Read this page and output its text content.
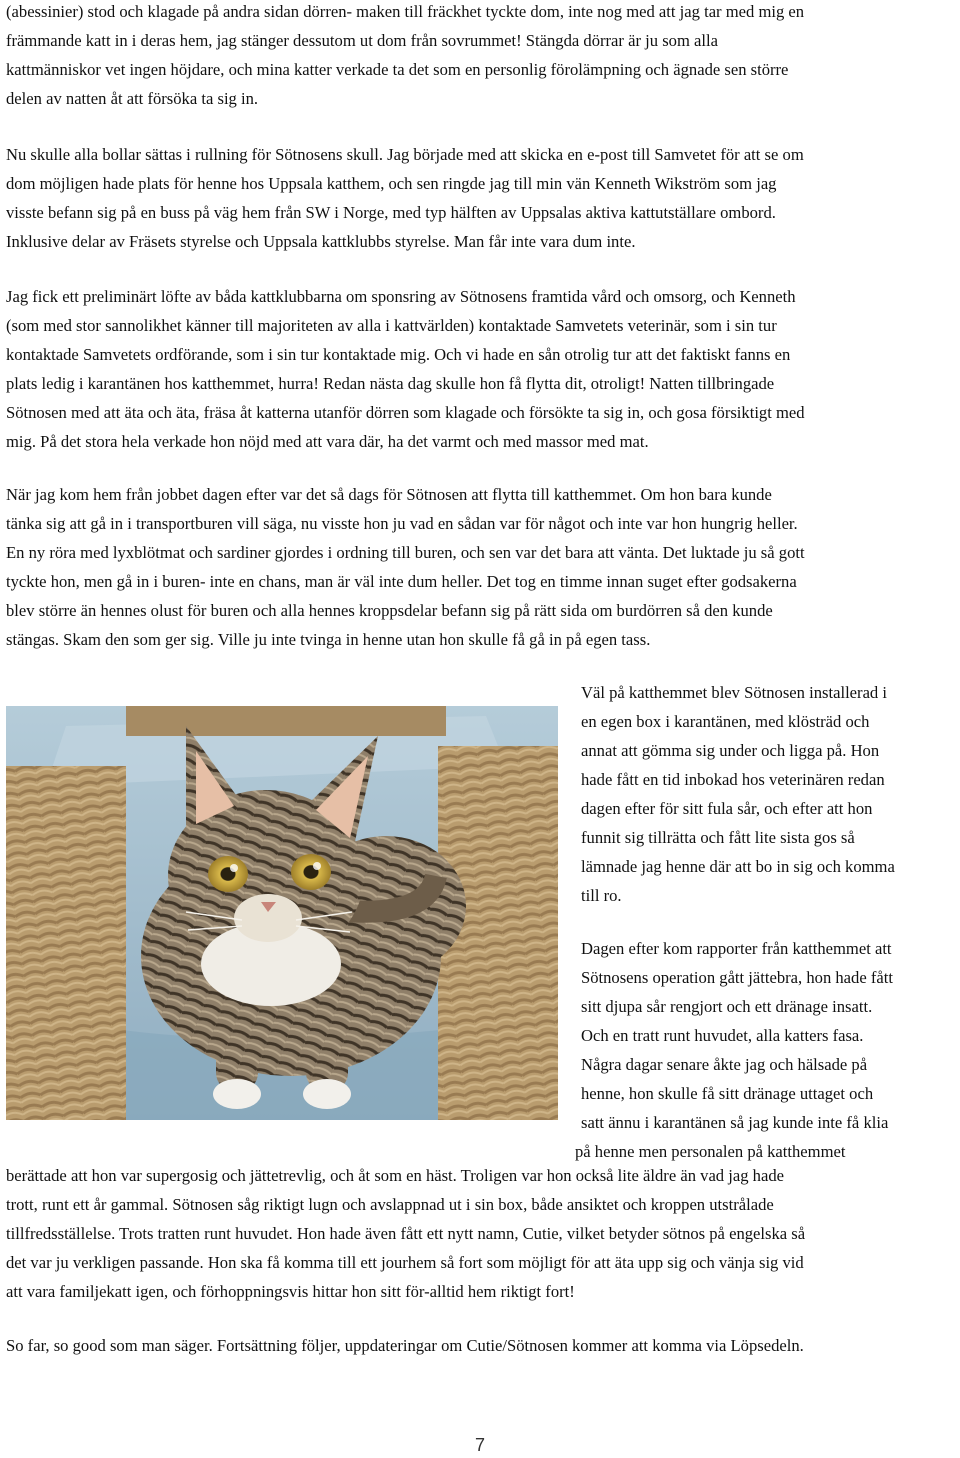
(abessinier) stod och klagade på andra sidan dörren- maken till fräckhet tyckte dom, inte nog med att jag tar med mig en
främmande katt in i deras hem, jag stänger dessutom ut dom från sovrummet! Stängda dörrar är ju som alla
kattmänniskor vet ingen höjdare, och mina katter verkade ta det som en personlig förolämpning och ägnade sen större
delen av natten åt att försöka ta sig in.
Nu skulle alla bollar sättas i rullning för Sötnosens skull. Jag började med att skicka en e-post till Samvetet för att se om
dom möjligen hade plats för henne hos Uppsala katthem, och sen ringde jag till min vän Kenneth Wikström som jag
visste befann sig på en buss på väg hem från SW i Norge, med typ hälften av Uppsalas aktiva kattutställare ombord.
Inklusive delar av Fräsets styrelse och Uppsala kattklubbs styrelse. Man får inte vara dum inte.
Jag fick ett preliminärt löfte av båda kattklubbarna om sponsring av Sötnosens framtida vård och omsorg, och Kenneth
(som med stor sannolikhet känner till majoriteten av alla i kattvärlden) kontaktade Samvetets veterinär, som i sin tur
kontaktade Samvetets ordförande, som i sin tur kontaktade mig. Och vi hade en sån otrolig tur att det faktiskt fanns en
plats ledig i karantänen hos katthemmet, hurra! Redan nästa dag skulle hon få flytta dit, otroligt! Natten tillbringade
Sötnosen med att äta och äta, fräsa åt katterna utanför dörren som klagade och försökte ta sig in, och gosa försiktigt med
mig. På det stora hela verkade hon nöjd med att vara där, ha det varmt och med massor med mat.
När jag kom hem från jobbet dagen efter var det så dags för Sötnosen att flytta till katthemmet. Om hon bara kunde
tänka sig att gå in i transportburen vill säga, nu visste hon ju vad en sådan var för något och inte var hon hungrig heller.
En ny röra med lyxblötmat och sardiner gjordes i ordning till buren, och sen var det bara att vänta. Det luktade ju så gott
tyckte hon, men gå in i buren- inte en chans, man är väl inte dum heller. Det tog en timme innan suget efter godsakerna
blev större än hennes olust för buren och alla hennes kroppsdelar befann sig på rätt sida om burdörren så den kunde
stängas. Skam den som ger sig. Ville ju inte tvinga in henne utan hon skulle få gå in på egen tass.
Väl på katthemmet blev Sötnosen installerad i
en egen box i karantänen, med klösträd och
annat att gömma sig under och ligga på. Hon
hade fått en tid inbokad hos veterinären redan
dagen efter för sitt fula sår, och efter att hon
funnit sig tillrätta och fått lite sista gos så
lämnade jag henne där att bo in sig och komma
till ro.
Dagen efter kom rapporter från katthemmet att
Sötnosens operation gått jättebra, hon hade fått
sitt djupa sår rengjort och ett dränage insatt.
Och en tratt runt huvudet, alla katters fasa.
Några dagar senare åkte jag och hälsade på
henne, hon skulle få sitt dränage uttaget och
satt ännu i karantänen så jag kunde inte få klia
på henne men personalen på katthemmet
berättade att hon var supergosig och jättetrevlig, och åt som en häst. Troligen var hon också lite äldre än vad jag hade
trott, runt ett år gammal. Sötnosen såg riktigt lugn och avslappnad ut i sin box, både ansiktet och kroppen utstrålade
tillfredsställelse. Trots tratten runt huvudet. Hon hade även fått ett nytt namn, Cutie, vilket betyder sötnos på engelska så
det var ju verkligen passande. Hon ska få komma till ett jourhem så fort som möjligt för att äta upp sig och vänja sig vid
att vara familjekatt igen, och förhoppningsvis hittar hon sitt för-alltid hem riktigt fort!
So far, so good som man säger. Fortsättning följer, uppdateringar om Cutie/Sötnosen kommer att komma via Löpsedeln.
7
